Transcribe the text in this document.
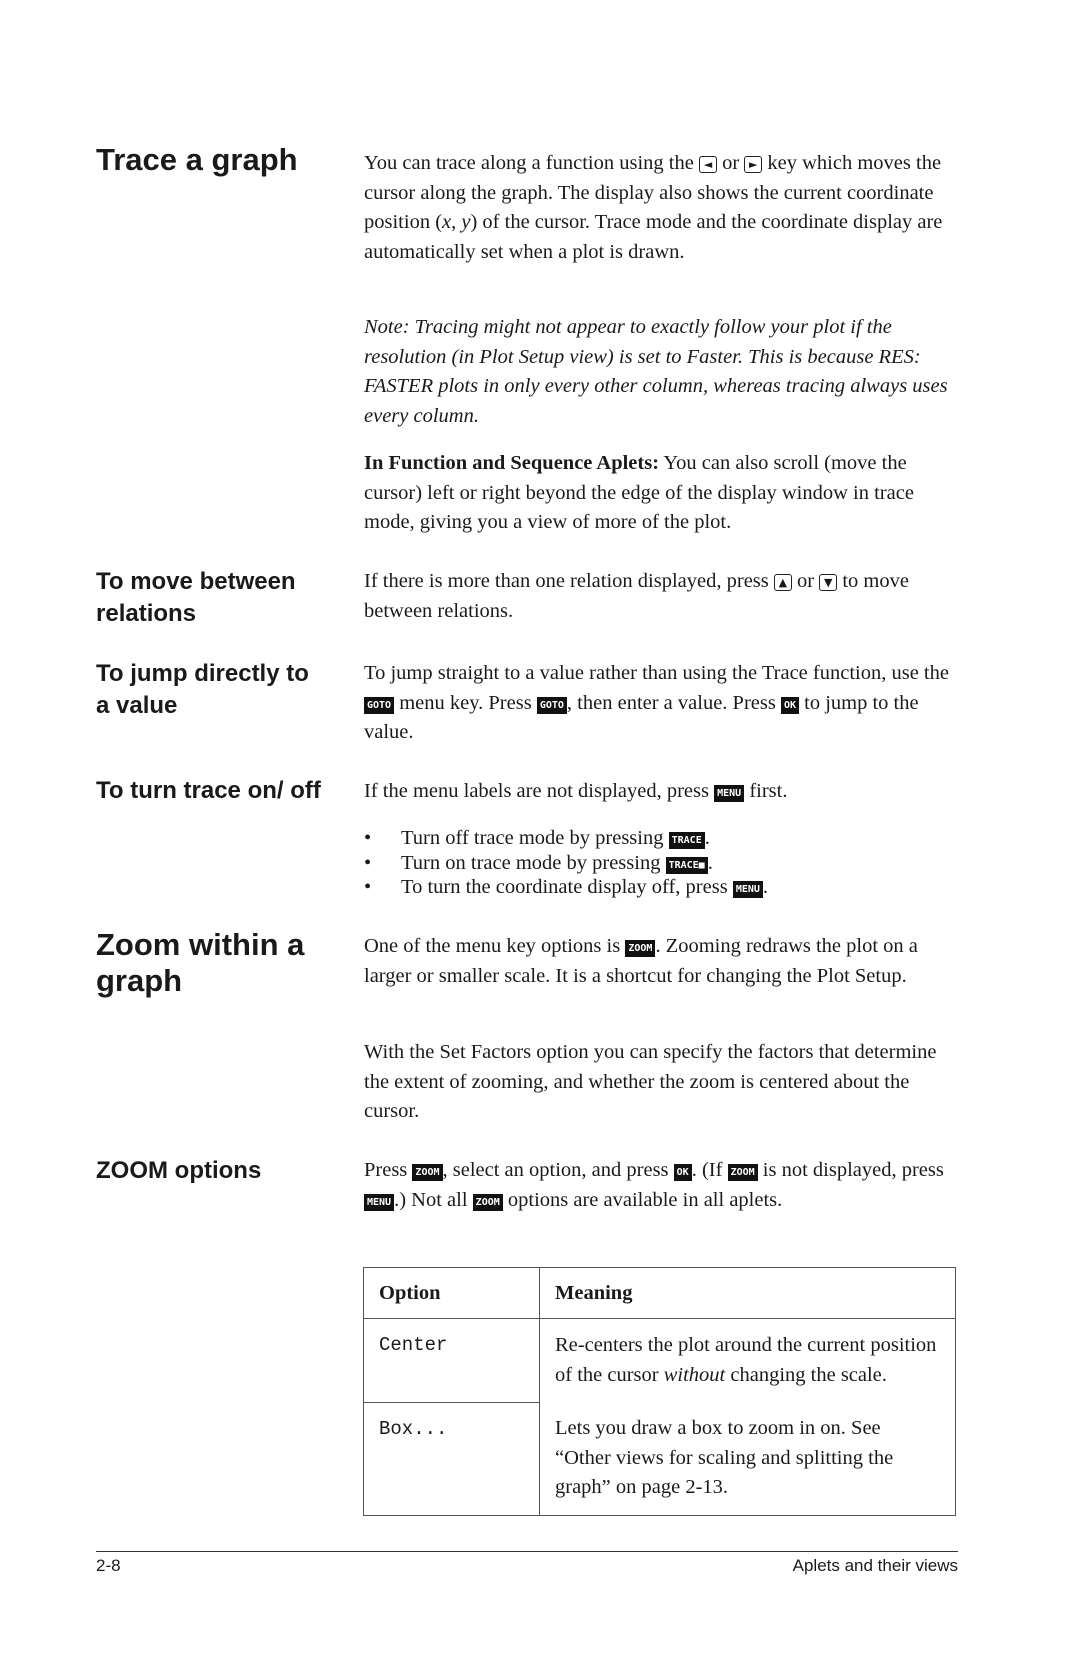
Trace a graph	You can trace along a function using the ◄ or ► key which moves the cursor along the graph. The display also shows the current coordinate position (x, y) of the cursor. Trace mode and the coordinate display are automatically set when a plot is drawn.

Note: Tracing might not appear to exactly follow your plot if the resolution (in Plot Setup view) is set to Faster. This is because RES: FASTER plots in only every other column, whereas tracing always uses every column.

In Function and Sequence Aplets: You can also scroll (move the cursor) left or right beyond the edge of the display window in trace mode, giving you a view of more of the plot.

To move between relations

If there is more than one relation displayed, press ▲ or ▼ to move between relations.

To jump directly to a value

To jump straight to a value rather than using the Trace function, use the GOTO menu key. Press GOTO , then enter a value. Press OK to jump to the value.

To turn trace on/ off If the menu labels are not displayed, press MENU first.

• Turn off trace mode by pressing TRACE .
• Turn on trace mode by pressing TRACE■ .
• To turn the coordinate display off, press MENU .
Zoom within a graph

One of the menu key options is ZOOM . Zooming redraws the plot on a larger or smaller scale. It is a shortcut for changing the Plot Setup.

With the Set Factors option you can specify the factors that determine the extent of zooming, and whether the zoom is centered about the cursor.

ZOOM options	Press ZOOM , select an option, and press OK . (If ZOOM is not displayed, press MENU .) Not all ZOOM options are available in all aplets.

Option	Meaning
Center	Re-centers the plot around the current position of the cursor without changing the scale.
Box...	Lets you draw a box to zoom in on. See “Other views for scaling and splitting the graph” on page 2-13.
2-8	Aplets and their views
